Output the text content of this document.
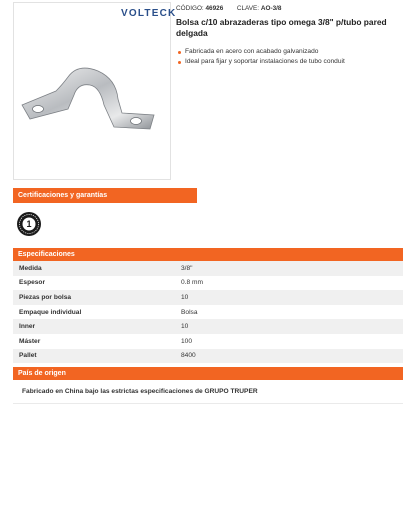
VOLTECK CÓDIGO: 46926 CLAVE: AO-3/8
Bolsa c/10 abrazaderas tipo omega 3/8" p/tubo pared delgada
Fabricada en acero con acabado galvanizado
Ideal para fijar y soportar instalaciones de tubo conduit
Certificaciones y garantías
1
Especificaciones
Medida	3/8"
Espesor	0.8 mm
Piezas por bolsa	10
Empaque individual	Bolsa
Inner	10
Máster	100
Pallet	8400
País de origen
Fabricado en China bajo las estrictas especificaciones de GRUPO TRUPER
